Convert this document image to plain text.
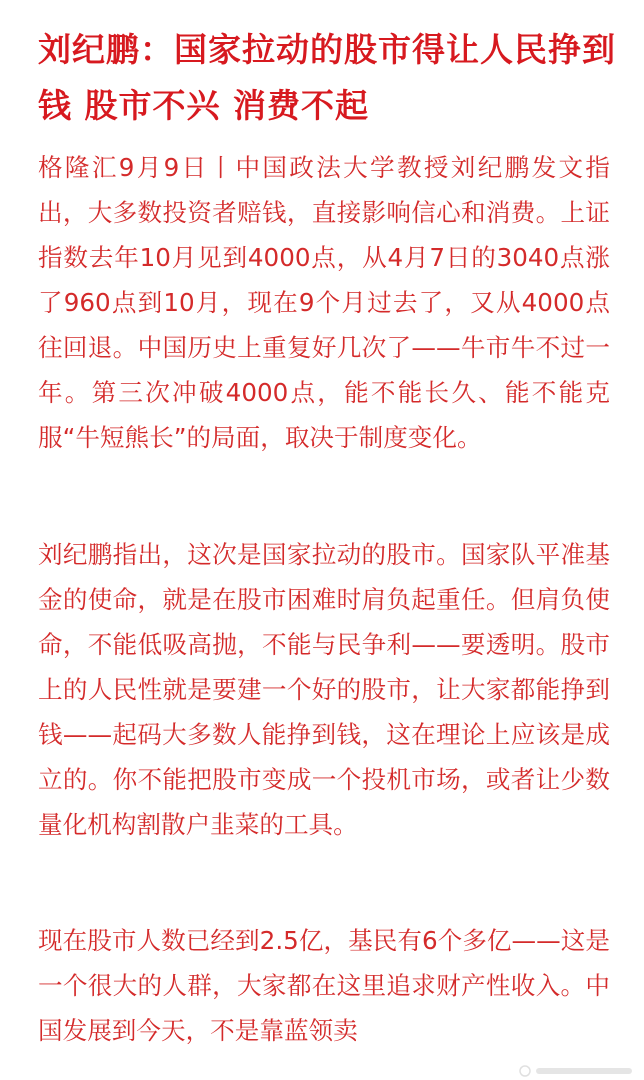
刘纪鹏：国家拉动的股市得让人民挣到钱 股市不兴 消费不起

格隆汇9月9日丨中国政法大学教授刘纪鹏发文指出，大多数投资者赔钱，直接影响信心和消费。上证指数去年10月见到4000点，从4月7日的3040点涨了960点到10月，现在9个月过去了，又从4000点往回退。中国历史上重复好几次了——牛市牛不过一年。第三次冲破4000点，能不能长久、能不能克服“牛短熊长”的局面，取决于制度变化。

刘纪鹏指出，这次是国家拉动的股市。国家队平准基金的使命，就是在股市困难时肩负起重任。但肩负使命，不能低吸高抛，不能与民争利——要透明。股市上的人民性就是要建一个好的股市，让大家都能挣到钱——起码大多数人能挣到钱，这在理论上应该是成立的。你不能把股市变成一个投机市场，或者让少数量化机构割散户韭菜的工具。

现在股市人数已经到2.5亿，基民有6个多亿——这是一个很大的人群，大家都在这里追求财产性收入。中国发展到今天，不是靠蓝领卖
